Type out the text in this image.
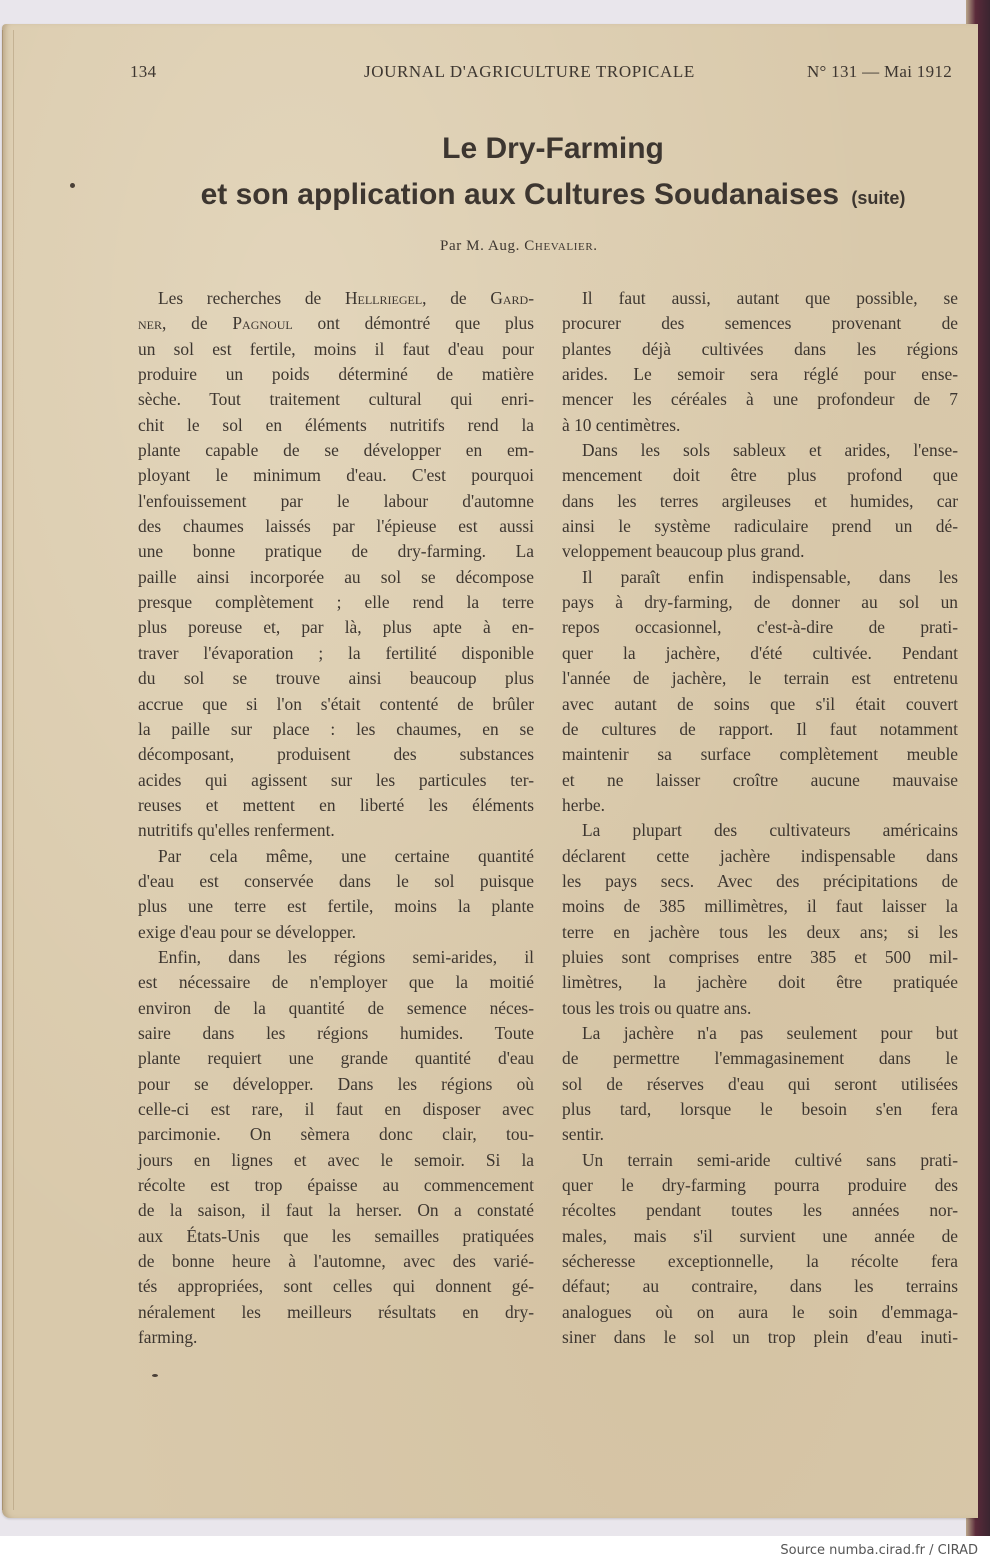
134	JOURNAL D'AGRICULTURE TROPICALE	N° 131 — Mai 1912
Le Dry-Farming
et son application aux Cultures Soudanaises (suite)
Par M. Aug. Chevalier.
Les recherches de Hellriegel, de Gard-
ner, de Pagnoul ont démontré que plus
un sol est fertile, moins il faut d'eau pour
produire un poids déterminé de matière
sèche. Tout traitement cultural qui enri-
chit le sol en éléments nutritifs rend la
plante capable de se développer en em-
ployant le minimum d'eau. C'est pourquoi
l'enfouissement par le labour d'automne
des chaumes laissés par l'épieuse est aussi
une bonne pratique de dry-farming. La
paille ainsi incorporée au sol se décompose
presque complètement ; elle rend la terre
plus poreuse et, par là, plus apte à en-
traver l'évaporation ; la fertilité disponible
du sol se trouve ainsi beaucoup plus
accrue que si l'on s'était contenté de brûler
la paille sur place : les chaumes, en se
décomposant, produisent des substances
acides qui agissent sur les particules ter-
reuses et mettent en liberté les éléments
nutritifs qu'elles renferment.
Par cela même, une certaine quantité
d'eau est conservée dans le sol puisque
plus une terre est fertile, moins la plante
exige d'eau pour se développer.
Enfin, dans les régions semi-arides, il
est nécessaire de n'employer que la moitié
environ de la quantité de semence néces-
saire dans les régions humides. Toute
plante requiert une grande quantité d'eau
pour se développer. Dans les régions où
celle-ci est rare, il faut en disposer avec
parcimonie. On sèmera donc clair, tou-
jours en lignes et avec le semoir. Si la
récolte est trop épaisse au commencement
de la saison, il faut la herser. On a constaté
aux États-Unis que les semailles pratiquées
de bonne heure à l'automne, avec des varié-
tés appropriées, sont celles qui donnent gé-
néralement les meilleurs résultats en dry-
farming.
Il faut aussi, autant que possible, se
procurer des semences provenant de
plantes déjà cultivées dans les régions
arides. Le semoir sera réglé pour ense-
mencer les céréales à une profondeur de 7
à 10 centimètres.
Dans les sols sableux et arides, l'ense-
mencement doit être plus profond que
dans les terres argileuses et humides, car
ainsi le système radiculaire prend un dé-
veloppement beaucoup plus grand.
Il paraît enfin indispensable, dans les
pays à dry-farming, de donner au sol un
repos occasionnel, c'est-à-dire de prati-
quer la jachère, d'été cultivée. Pendant
l'année de jachère, le terrain est entretenu
avec autant de soins que s'il était couvert
de cultures de rapport. Il faut notamment
maintenir sa surface complètement meuble
et ne laisser croître aucune mauvaise
herbe.
La plupart des cultivateurs américains
déclarent cette jachère indispensable dans
les pays secs. Avec des précipitations de
moins de 385 millimètres, il faut laisser la
terre en jachère tous les deux ans; si les
pluies sont comprises entre 385 et 500 mil-
limètres, la jachère doit être pratiquée
tous les trois ou quatre ans.
La jachère n'a pas seulement pour but
de permettre l'emmagasinement dans le
sol de réserves d'eau qui seront utilisées
plus tard, lorsque le besoin s'en fera
sentir.
Un terrain semi-aride cultivé sans prati-
quer le dry-farming pourra produire des
récoltes pendant toutes les années nor-
males, mais s'il survient une année de
sécheresse exceptionnelle, la récolte fera
défaut; au contraire, dans les terrains
analogues où on aura le soin d'emmaga-
siner dans le sol un trop plein d'eau inuti-
Source numba.cirad.fr / CIRAD
